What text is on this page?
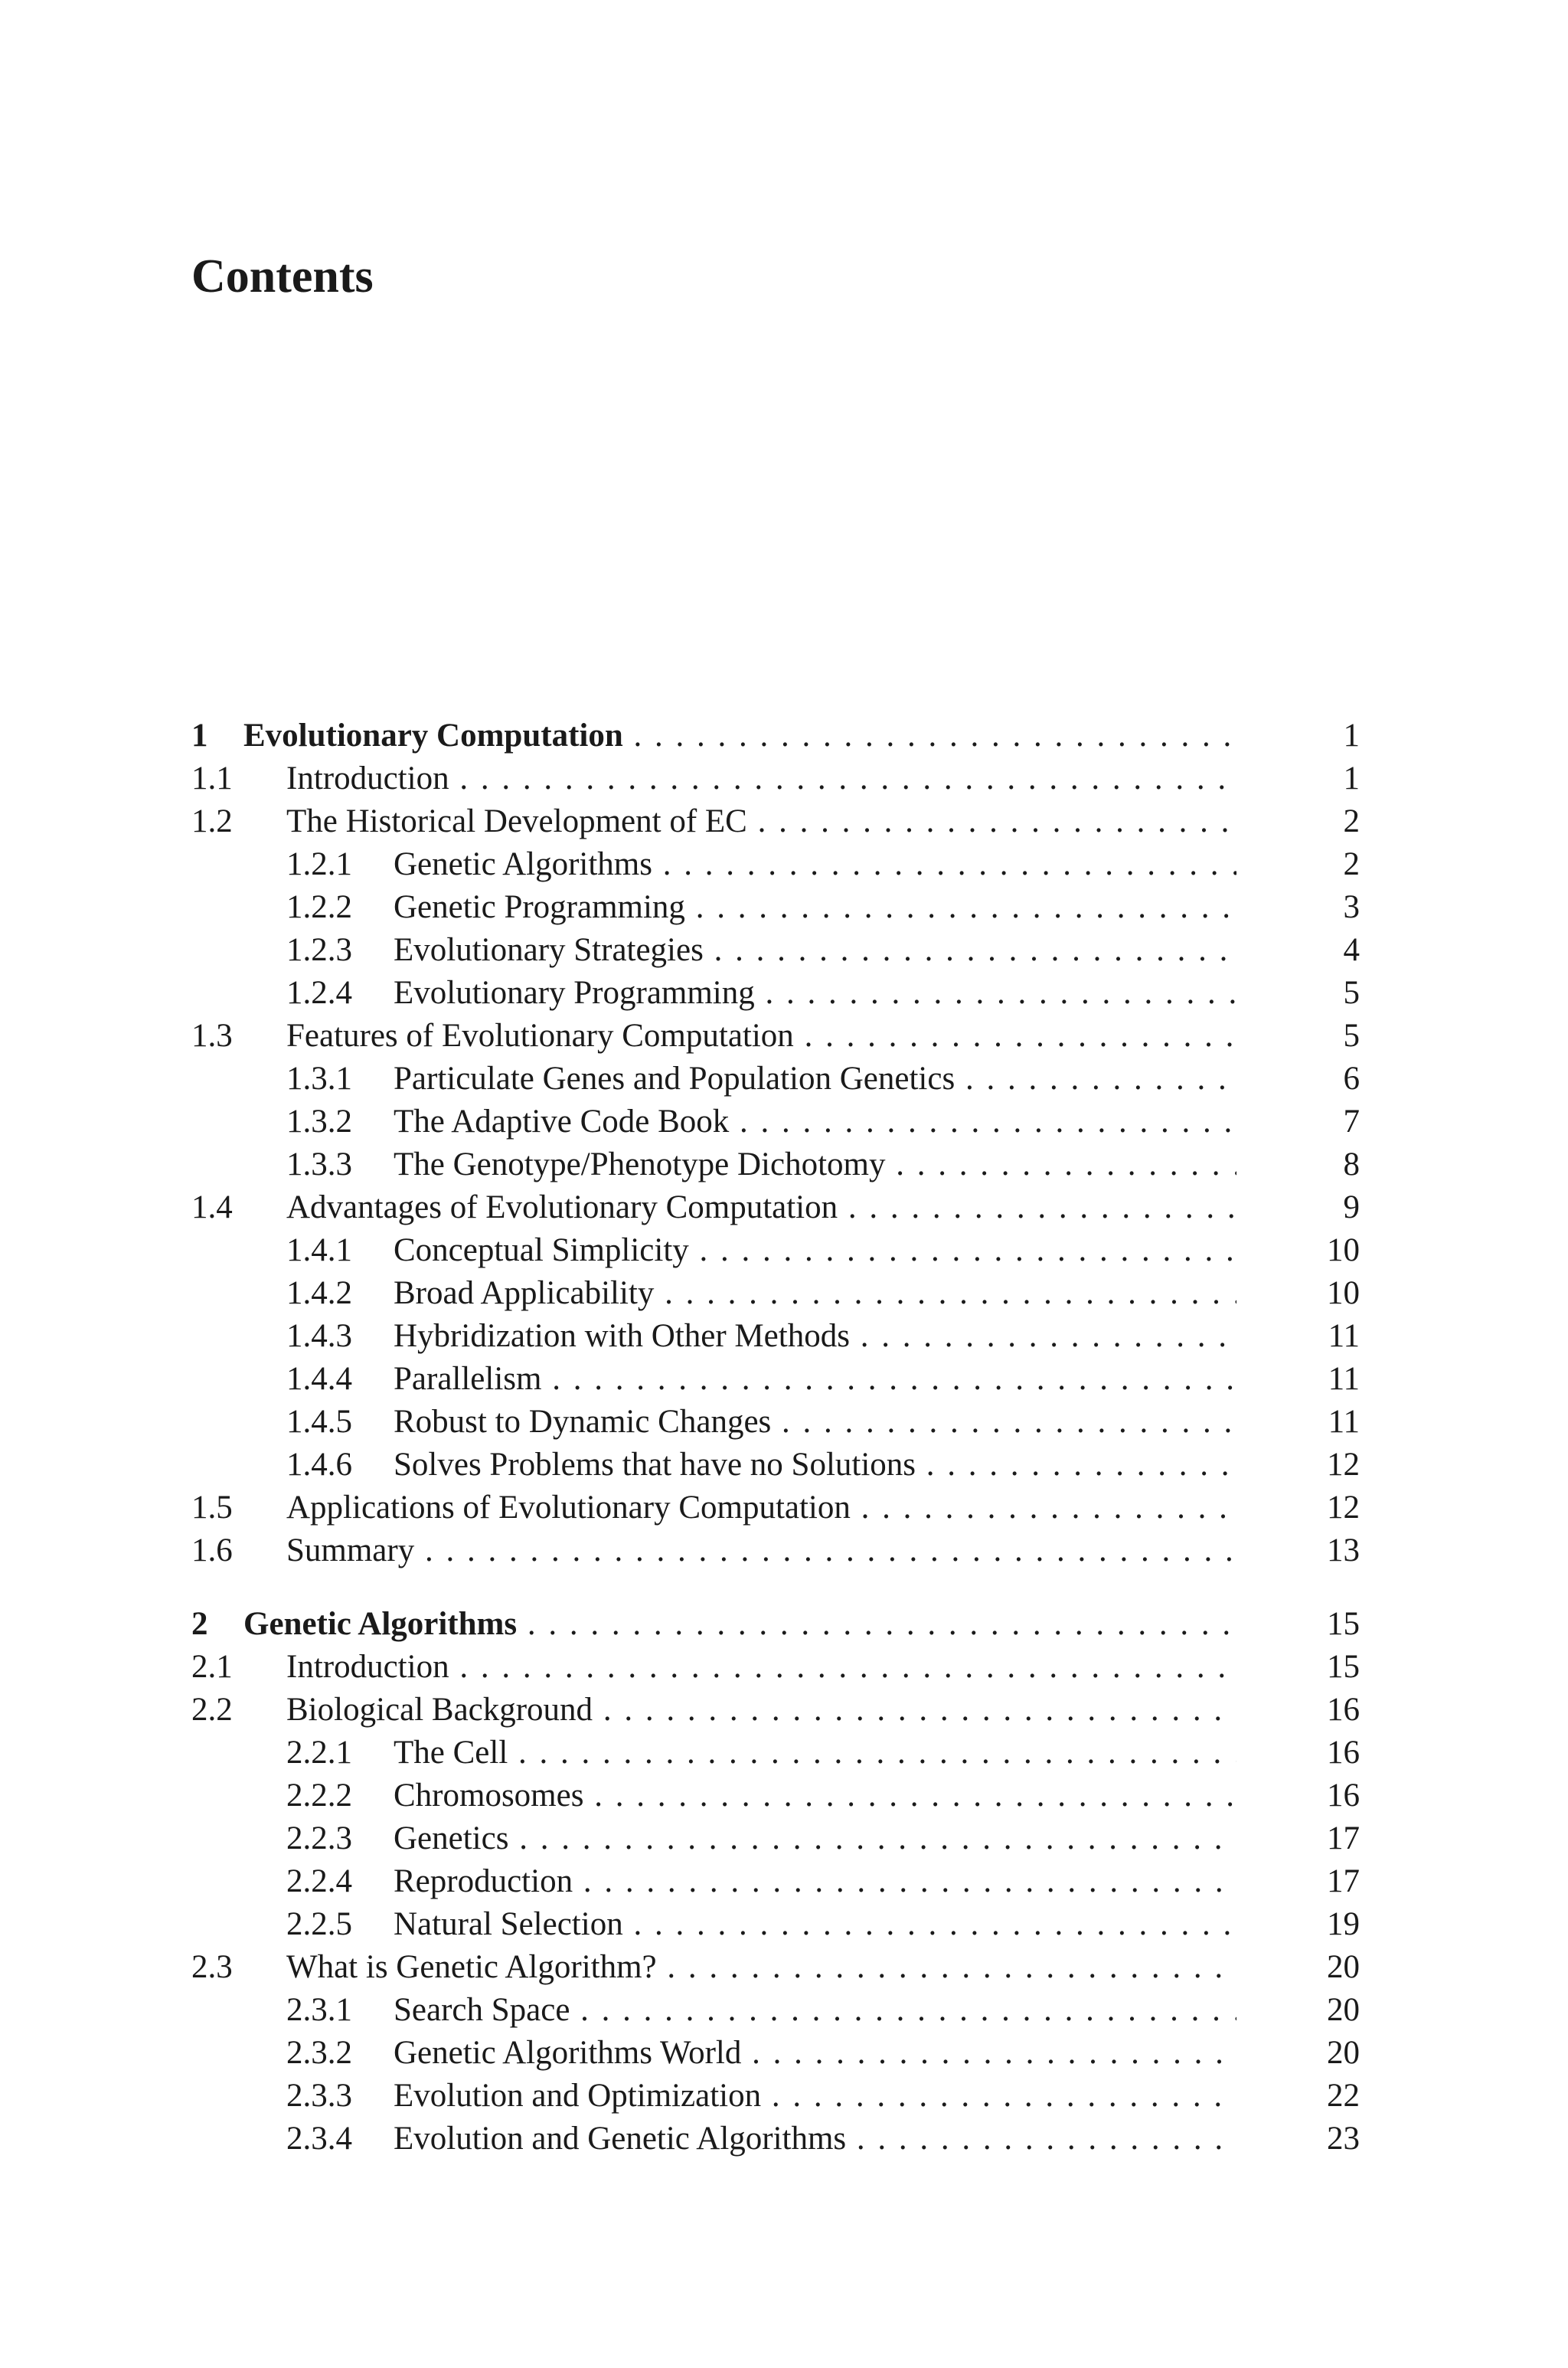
Contents
1 Evolutionary Computation . . .	1
1.1 Introduction . . .	1
1.2 The Historical Development of EC . . .	2
1.2.1 Genetic Algorithms . . .	2
1.2.2 Genetic Programming . . .	3
1.2.3 Evolutionary Strategies . . .	4
1.2.4 Evolutionary Programming . . .	5
1.3 Features of Evolutionary Computation . . .	5
1.3.1 Particulate Genes and Population Genetics . . .	6
1.3.2 The Adaptive Code Book . . .	7
1.3.3 The Genotype/Phenotype Dichotomy . . .	8
1.4 Advantages of Evolutionary Computation . . .	9
1.4.1 Conceptual Simplicity . . .	10
1.4.2 Broad Applicability . . .	10
1.4.3 Hybridization with Other Methods . . .	11
1.4.4 Parallelism . . .	11
1.4.5 Robust to Dynamic Changes . . .	11
1.4.6 Solves Problems that have no Solutions . . .	12
1.5 Applications of Evolutionary Computation . . .	12
1.6 Summary . . .	13
2 Genetic Algorithms . . .	15
2.1 Introduction . . .	15
2.2 Biological Background . . .	16
2.2.1 The Cell . . .	16
2.2.2 Chromosomes . . .	16
2.2.3 Genetics . . .	17
2.2.4 Reproduction . . .	17
2.2.5 Natural Selection . . .	19
2.3 What is Genetic Algorithm? . . .	20
2.3.1 Search Space . . .	20
2.3.2 Genetic Algorithms World . . .	20
2.3.3 Evolution and Optimization . . .	22
2.3.4 Evolution and Genetic Algorithms . . .	23
